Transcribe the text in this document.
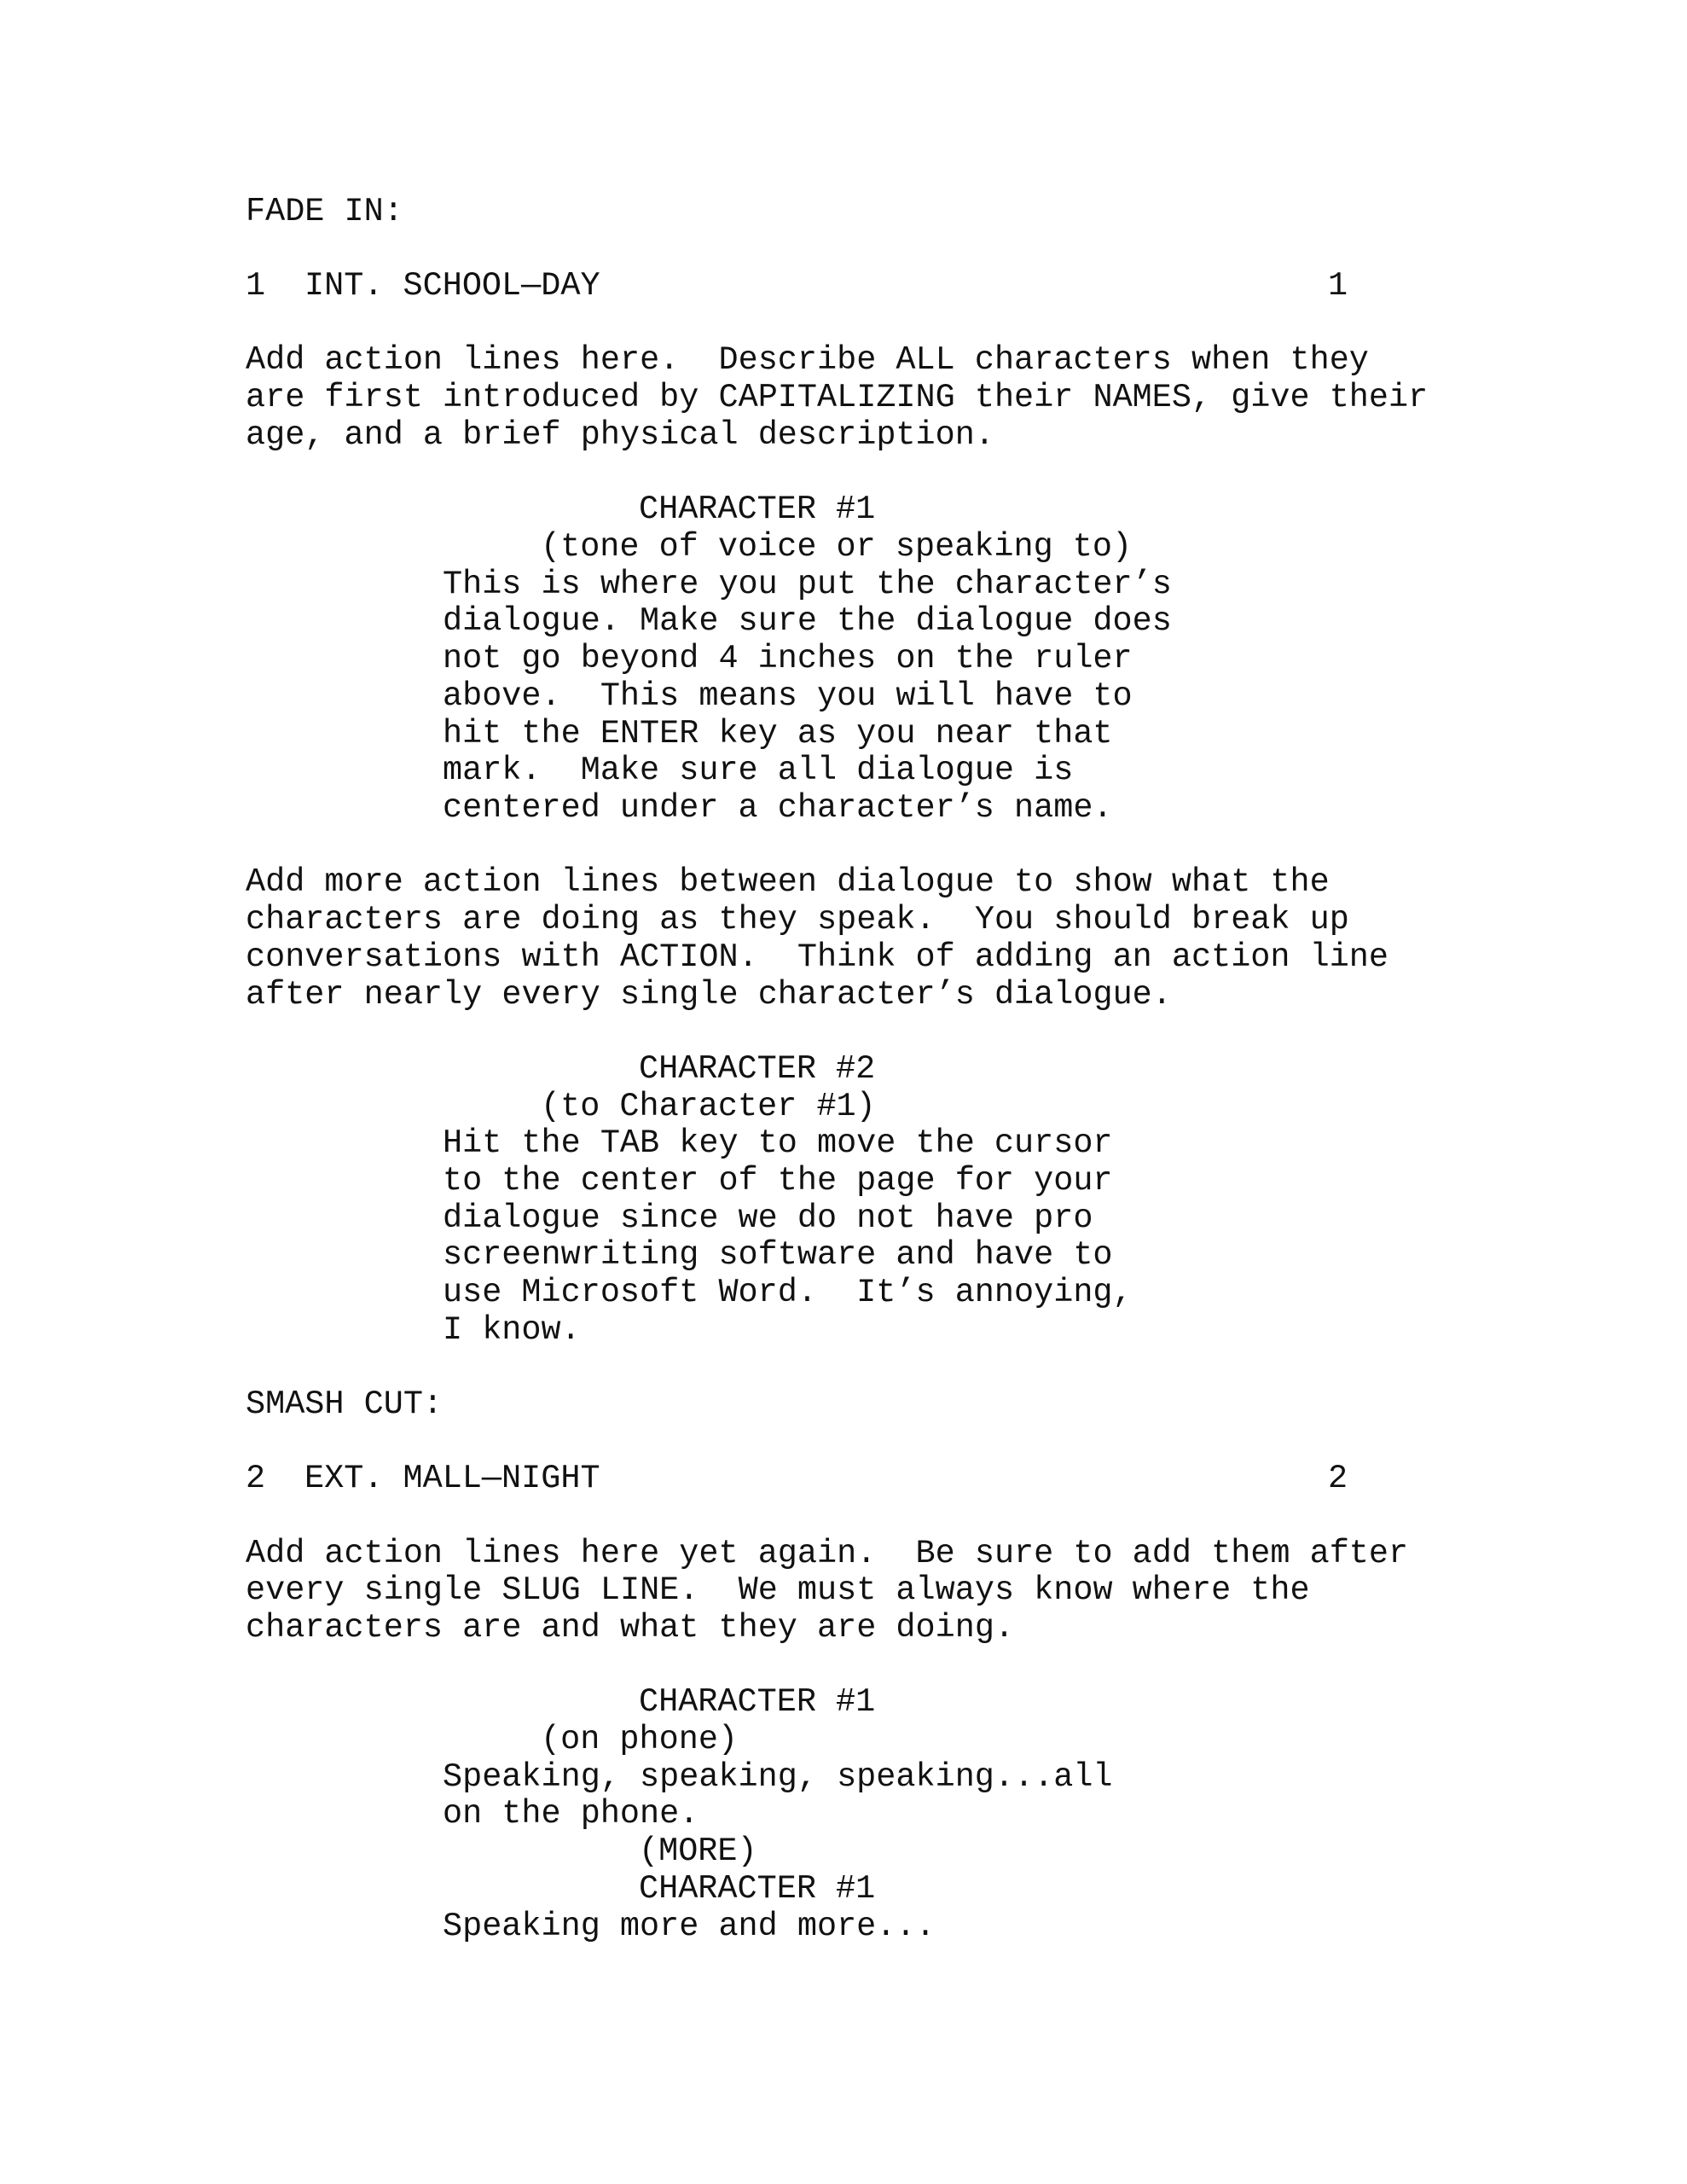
FADE IN:
1 INT. SCHOOL—DAY	1
Add action lines here.  Describe ALL characters when they
are first introduced by CAPITALIZING their NAMES, give their
age, and a brief physical description.
CHARACTER #1
(tone of voice or speaking to)
This is where you put the character’s
dialogue. Make sure the dialogue does
not go beyond 4 inches on the ruler
above.  This means you will have to
hit the ENTER key as you near that
mark.  Make sure all dialogue is
centered under a character’s name.
Add more action lines between dialogue to show what the
characters are doing as they speak.  You should break up
conversations with ACTION.  Think of adding an action line
after nearly every single character’s dialogue.
CHARACTER #2
(to Character #1)
Hit the TAB key to move the cursor
to the center of the page for your
dialogue since we do not have pro
screenwriting software and have to
use Microsoft Word.  It’s annoying,
I know.
SMASH CUT:
2 EXT. MALL—NIGHT	2
Add action lines here yet again.  Be sure to add them after
every single SLUG LINE.  We must always know where the
characters are and what they are doing.
CHARACTER #1
(on phone)
Speaking, speaking, speaking...all
on the phone.
(MORE)
CHARACTER #1
Speaking more and more...
